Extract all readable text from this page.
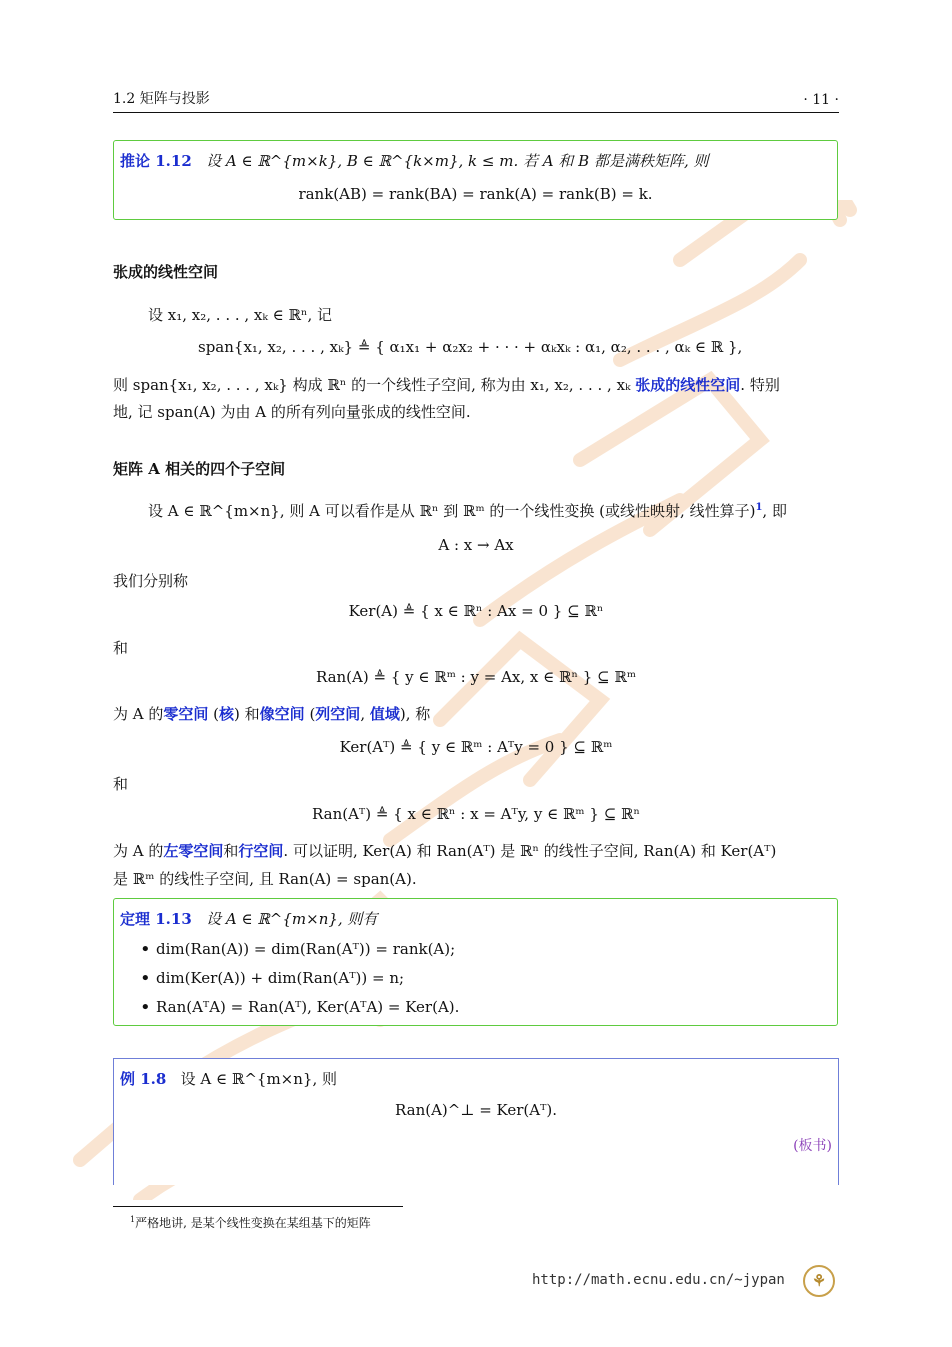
1.2 矩阵与投影	· 11 ·
推论 1.12 设 A ∈ ℝ^{m×k}, B ∈ ℝ^{k×m}, k ≤ m. 若 A 和 B 都是满秩矩阵, 则
rank(AB) = rank(BA) = rank(A) = rank(B) = k.
张成的线性空间
设 x₁, x₂, . . . , xₖ ∈ ℝⁿ, 记
span{x₁, x₂, . . . , xₖ} ≜ { α₁x₁ + α₂x₂ + · · · + αₖxₖ : α₁, α₂, . . . , αₖ ∈ ℝ },
则 span{x₁, x₂, . . . , xₖ} 构成 ℝⁿ 的一个线性子空间, 称为由 x₁, x₂, . . . , xₖ 张成的线性空间. 特别
地, 记 span(A) 为由 A 的所有列向量张成的线性空间.
矩阵 A 相关的四个子空间
设 A ∈ ℝ^{m×n}, 则 A 可以看作是从 ℝⁿ 到 ℝᵐ 的一个线性变换 (或线性映射, 线性算子)$^1$, 即
A : x → Ax
我们分别称
Ker(A) ≜ { x ∈ ℝⁿ : Ax = 0 } ⊆ ℝⁿ
和
Ran(A) ≜ { y ∈ ℝᵐ : y = Ax, x ∈ ℝⁿ } ⊆ ℝᵐ
为 A 的零空间 (核) 和像空间 (列空间, 值域), 称
Ker(Aᵀ) ≜ { y ∈ ℝᵐ : Aᵀy = 0 } ⊆ ℝᵐ
和
Ran(Aᵀ) ≜ { x ∈ ℝⁿ : x = Aᵀy, y ∈ ℝᵐ } ⊆ ℝⁿ
为 A 的左零空间和行空间. 可以证明, Ker(A) 和 Ran(Aᵀ) 是 ℝⁿ 的线性子空间, Ran(A) 和 Ker(Aᵀ)
是 ℝᵐ 的线性子空间, 且 Ran(A) = span(A).
定理 1.13 设 A ∈ ℝ^{m×n}, 则有
• dim(Ran(A)) = dim(Ran(Aᵀ)) = rank(A);
• dim(Ker(A)) + dim(Ran(Aᵀ)) = n;
• Ran(AᵀA) = Ran(Aᵀ), Ker(AᵀA) = Ker(A).
例 1.8 设 A ∈ ℝ^{m×n}, 则
Ran(A)^⊥ = Ker(Aᵀ).
(板书)
$^1$严格地讲, 是某个线性变换在某组基下的矩阵
http://math.ecnu.edu.cn/~jypan	⚘
